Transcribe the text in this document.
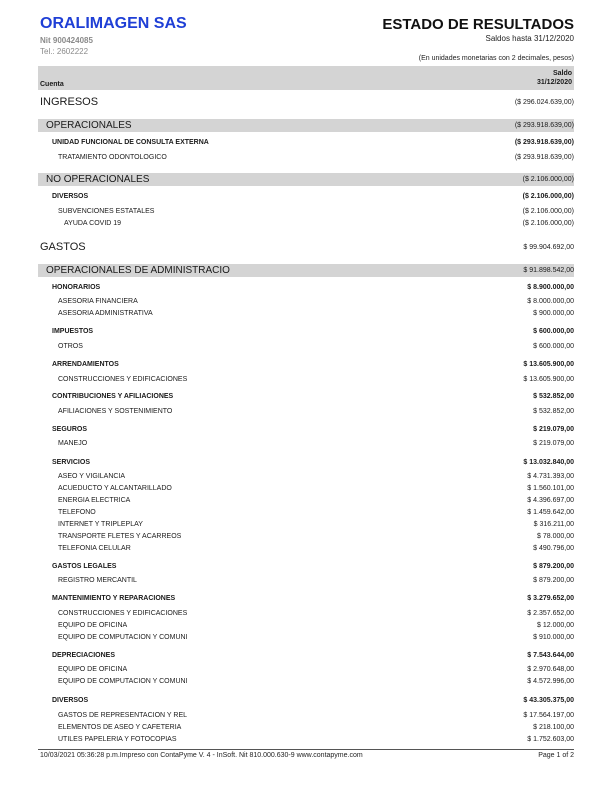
ORALIMAGEN SAS
Nit 900424085
Tel.: 2602222
ESTADO DE RESULTADOS
Saldos hasta 31/12/2020
(En unidades monetarias con 2 decimales, pesos)
Cuenta
Saldo
31/12/2020
INGRESOS	($ 296.024.639,00)
OPERACIONALES	($ 293.918.639,00)
UNIDAD FUNCIONAL DE CONSULTA EXTERNA	($ 293.918.639,00)
TRATAMIENTO ODONTOLOGICO	($ 293.918.639,00)
NO OPERACIONALES	($ 2.106.000,00)
DIVERSOS	($ 2.106.000,00)
SUBVENCIONES ESTATALES	($ 2.106.000,00)
AYUDA COVID 19	($ 2.106.000,00)
GASTOS	$ 99.904.692,00
OPERACIONALES DE ADMINISTRACIO	$ 91.898.542,00
HONORARIOS	$ 8.900.000,00
ASESORIA FINANCIERA	$ 8.000.000,00
ASESORIA ADMINISTRATIVA	$ 900.000,00
IMPUESTOS	$ 600.000,00
OTROS	$ 600.000,00
ARRENDAMIENTOS	$ 13.605.900,00
CONSTRUCCIONES Y EDIFICACIONES	$ 13.605.900,00
CONTRIBUCIONES Y AFILIACIONES	$ 532.852,00
AFILIACIONES Y SOSTENIMIENTO	$ 532.852,00
SEGUROS	$ 219.079,00
MANEJO	$ 219.079,00
SERVICIOS	$ 13.032.840,00
ASEO Y VIGILANCIA	$ 4.731.393,00
ACUEDUCTO Y ALCANTARILLADO	$ 1.560.101,00
ENERGIA ELECTRICA	$ 4.396.697,00
TELEFONO	$ 1.459.642,00
INTERNET Y TRIPLEPLAY	$ 316.211,00
TRANSPORTE FLETES Y ACARREOS	$ 78.000,00
TELEFONIA CELULAR	$ 490.796,00
GASTOS LEGALES	$ 879.200,00
REGISTRO MERCANTIL	$ 879.200,00
MANTENIMIENTO Y REPARACIONES	$ 3.279.652,00
CONSTRUCCIONES Y EDIFICACIONES	$ 2.357.652,00
EQUIPO DE OFICINA	$ 12.000,00
EQUIPO DE COMPUTACION Y COMUNI	$ 910.000,00
DEPRECIACIONES	$ 7.543.644,00
EQUIPO DE OFICINA	$ 2.970.648,00
EQUIPO DE COMPUTACION Y COMUNI	$ 4.572.996,00
DIVERSOS	$ 43.305.375,00
GASTOS DE REPRESENTACION Y REL	$ 17.564.197,00
ELEMENTOS DE ASEO Y CAFETERIA	$ 218.100,00
UTILES PAPELERIA Y FOTOCOPIAS	$ 1.752.603,00
10/03/2021 05:36:28 p.m.Impreso con ContaPyme V. 4 - InSoft. Nit 810.000.630-9 www.contapyme.com	Page 1 of 2
